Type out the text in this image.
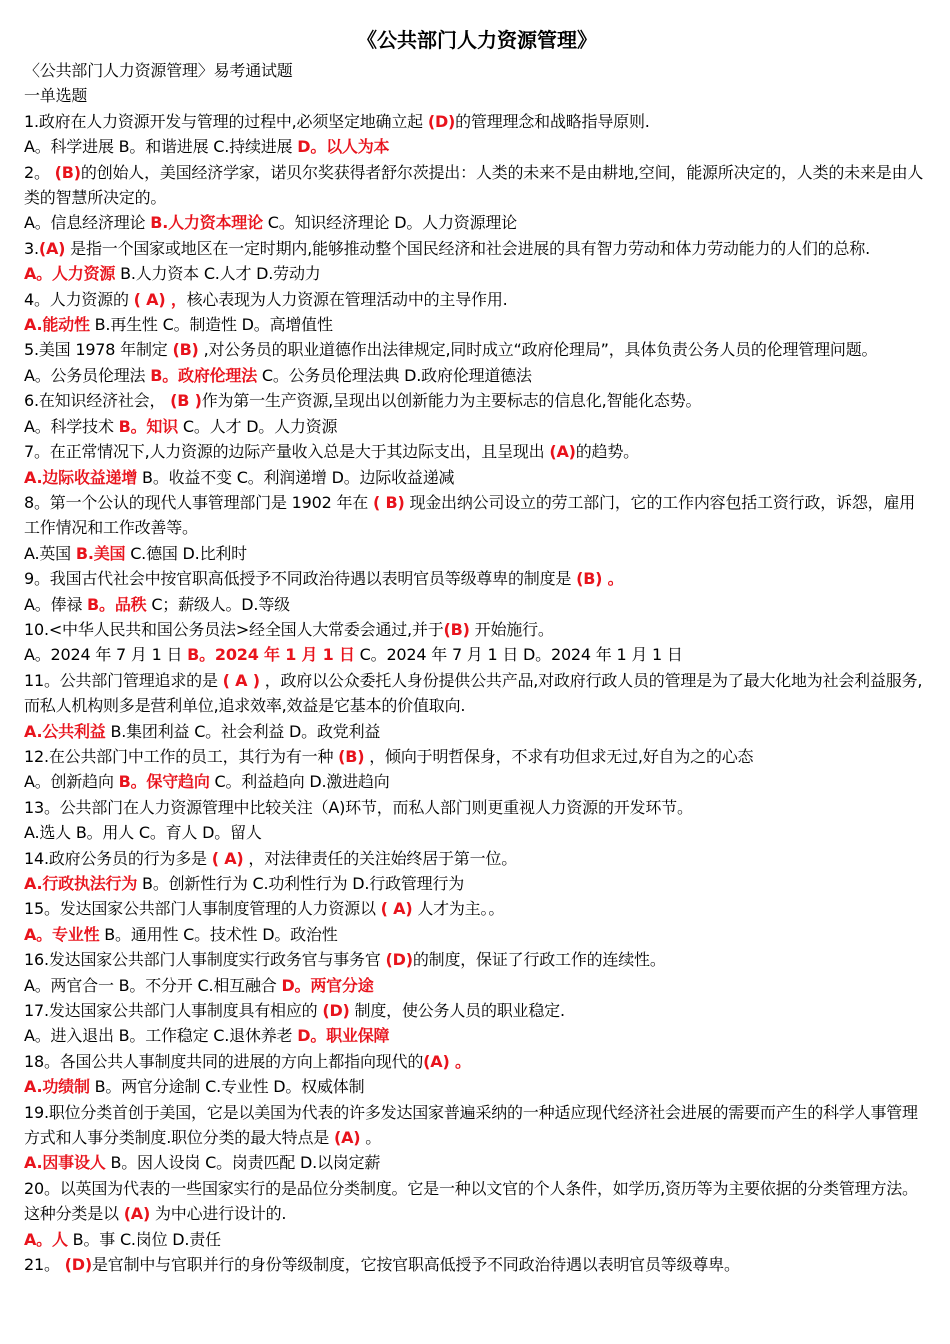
《公共部门人力资源管理》
〈公共部门人力资源管理〉易考通试题
一单选题
1.政府在人力资源开发与管理的过程中,必须坚定地确立起 (D)的管理理念和战略指导原则.
A。科学进展 B。和谐进展 C.持续进展 D。以人为本
2。 (B)的创始人，美国经济学家，诺贝尔奖获得者舒尔茨提出：人类的未来不是由耕地,空间，能源所决定的，人类的未来是由人类的智慧所决定的。
A。信息经济理论 B.人力资本理论 C。知识经济理论 D。人力资源理论
3.(A) 是指一个国家或地区在一定时期内,能够推动整个国民经济和社会进展的具有智力劳动和体力劳动能力的人们的总称.
A。人力资源 B.人力资本 C.人才 D.劳动力
4。人力资源的 ( A) ，核心表现为人力资源在管理活动中的主导作用.
A.能动性 B.再生性 C。制造性 D。高增值性
5.美国 1978 年制定 (B) ,对公务员的职业道德作出法律规定,同时成立“政府伦理局”，具体负责公务人员的伦理管理问题。
A。公务员伦理法 B。政府伦理法 C。公务员伦理法典 D.政府伦理道德法
6.在知识经济社会， (B )作为第一生产资源,呈现出以创新能力为主要标志的信息化,智能化态势。
A。科学技术 B。知识 C。人才 D。人力资源
7。在正常情况下,人力资源的边际产量收入总是大于其边际支出，且呈现出 (A)的趋势。
A.边际收益递增 B。收益不变 C。利润递增 D。边际收益递减
8。第一个公认的现代人事管理部门是 1902 年在 ( B) 现金出纳公司设立的劳工部门，它的工作内容包括工资行政，诉怨，雇用工作情况和工作改善等。
A.英国 B.美国 C.德国 D.比利时
9。我国古代社会中按官职高低授予不同政治待遇以表明官员等级尊卑的制度是 (B) 。
A。俸禄 B。品秩 C；薪级人。D.等级
10.<中华人民共和国公务员法>经全国人大常委会通过,并于(B) 开始施行。
A。2024 年 7 月 1 日 B。2024 年 1 月 1 日 C。2024 年 7 月 1 日 D。2024 年 1 月 1 日
11。公共部门管理追求的是 ( A ) ，政府以公众委托人身份提供公共产品,对政府行政人员的管理是为了最大化地为社会利益服务,而私人机构则多是营利单位,追求效率,效益是它基本的价值取向.
A.公共利益 B.集团利益 C。社会利益 D。政党利益
12.在公共部门中工作的员工，其行为有一种 (B) ，倾向于明哲保身，不求有功但求无过,好自为之的心态
A。创新趋向 B。保守趋向 C。利益趋向 D.激进趋向
13。公共部门在人力资源管理中比较关注（A)环节，而私人部门则更重视人力资源的开发环节。
A.选人 B。用人 C。育人 D。留人
14.政府公务员的行为多是 ( A) ，对法律责任的关注始终居于第一位。
A.行政执法行为 B。创新性行为 C.功利性行为 D.行政管理行为
15。发达国家公共部门人事制度管理的人力资源以 ( A) 人才为主。。
A。专业性 B。通用性 C。技术性 D。政治性
16.发达国家公共部门人事制度实行政务官与事务官 (D)的制度，保证了行政工作的连续性。
A。两官合一 B。不分开 C.相互融合 D。两官分途
17.发达国家公共部门人事制度具有相应的 (D) 制度，使公务人员的职业稳定.
A。进入退出 B。工作稳定 C.退休养老 D。职业保障
18。各国公共人事制度共同的进展的方向上都指向现代的(A) 。
A.功绩制 B。两官分途制 C.专业性 D。权威体制
19.职位分类首创于美国，它是以美国为代表的许多发达国家普遍采纳的一种适应现代经济社会进展的需要而产生的科学人事管理方式和人事分类制度.职位分类的最大特点是 (A) 。
A.因事设人 B。因人设岗 C。岗责匹配 D.以岗定薪
20。以英国为代表的一些国家实行的是品位分类制度。它是一种以文官的个人条件，如学历,资历等为主要依据的分类管理方法。这种分类是以 (A) 为中心进行设计的.
A。人 B。事 C.岗位 D.责任
21。 (D)是官制中与官职并行的身份等级制度，它按官职高低授予不同政治待遇以表明官员等级尊卑。
